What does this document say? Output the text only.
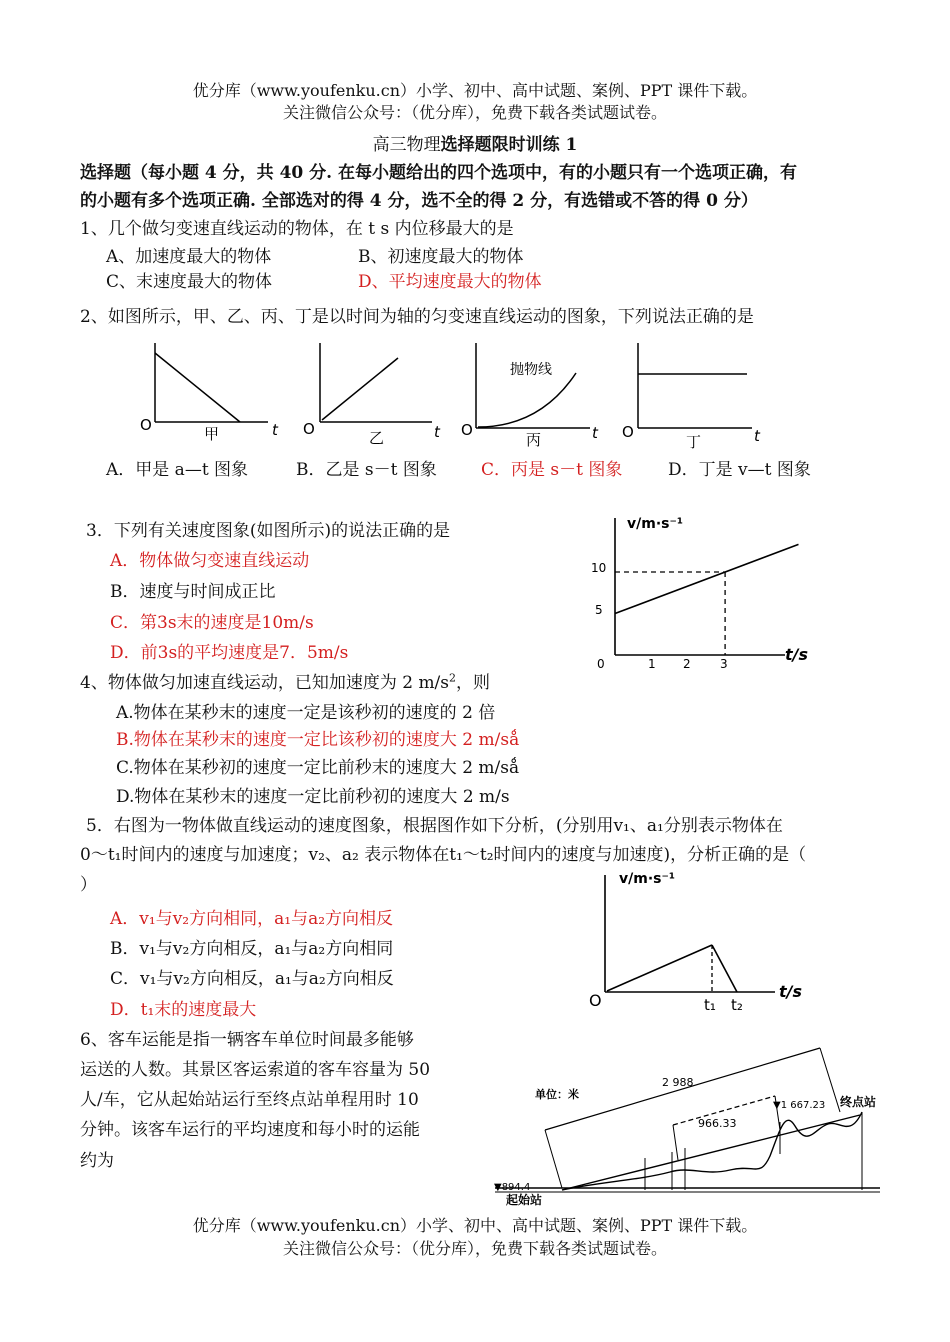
优分库（www.youfenku.cn）小学、初中、高中试题、案例、PPT 课件下载。
关注微信公众号：（优分库），免费下载各类试题试卷。
高三物理选择题限时训练 1
选择题（每小题 4 分，共 40 分. 在每小题给出的四个选项中，有的小题只有一个选项正确，有
的小题有多个选项正确. 全部选对的得 4 分，选不全的得 2 分，有选错或不答的得 0 分）
1、几个做匀变速直线运动的物体，在 t s 内位移最大的是
A、加速度最大的物体	B、初速度最大的物体
C、末速度最大的物体	D、平均速度最大的物体
2、如图所示，甲、乙、丙、丁是以时间为轴的匀变速直线运动的图象，下列说法正确的是
O	甲	t O	乙	t
抛物线
O
丙	t O
丁	t
A．甲是 a—t 图象	B．乙是 s－t 图象	C．丙是 s－t 图象	D．丁是 v—t 图象
3．下列有关速度图象(如图所示)的说法正确的是
A．物体做匀变速直线运动
B．速度与时间成正比
C．第3s末的速度是10m/s
D．前3s的平均速度是7．5m/s
v/m·s⁻¹
t/s
10
5
0	1 2 3
4、物体做匀加速直线运动，已知加速度为 2 $m/s^2$，则
A.物体在某秒末的速度一定是该秒初的速度的 2 倍
B.物体在某秒末的速度一定比该秒初的速度大 2 m/sǻ
C.物体在某秒初的速度一定比前秒末的速度大 2 m/sǻ
D.物体在某秒末的速度一定比前秒初的速度大 2 m/s
5．右图为一物体做直线运动的速度图象，根据图作如下分析，(分别用v₁、a₁分别表示物体在
0～t₁时间内的速度与加速度；v₂、a₂ 表示物体在t₁～t₂时间内的速度与加速度)，分析正确的是（
）
A．v₁与v₂方向相同，a₁与a₂方向相反
B．v₁与v₂方向相反，a₁与a₂方向相同
C．v₁与v₂方向相反，a₁与a₂方向相反
D．t₁末的速度最大
v/m·s⁻¹
t/s
O	t₁ t₂
6、客车运能是指一辆客车单位时间最多能够
运送的人数。其景区客运索道的客车容量为 50
人/车，它从起始站运行至终点站单程用时 10
分钟。该客车运行的平均速度和每小时的运能
约为
单位：米
2 988
966.33
▼1 667.23 终点站
▼894.4
起始站
优分库（www.youfenku.cn）小学、初中、高中试题、案例、PPT 课件下载。
关注微信公众号：（优分库），免费下载各类试题试卷。
